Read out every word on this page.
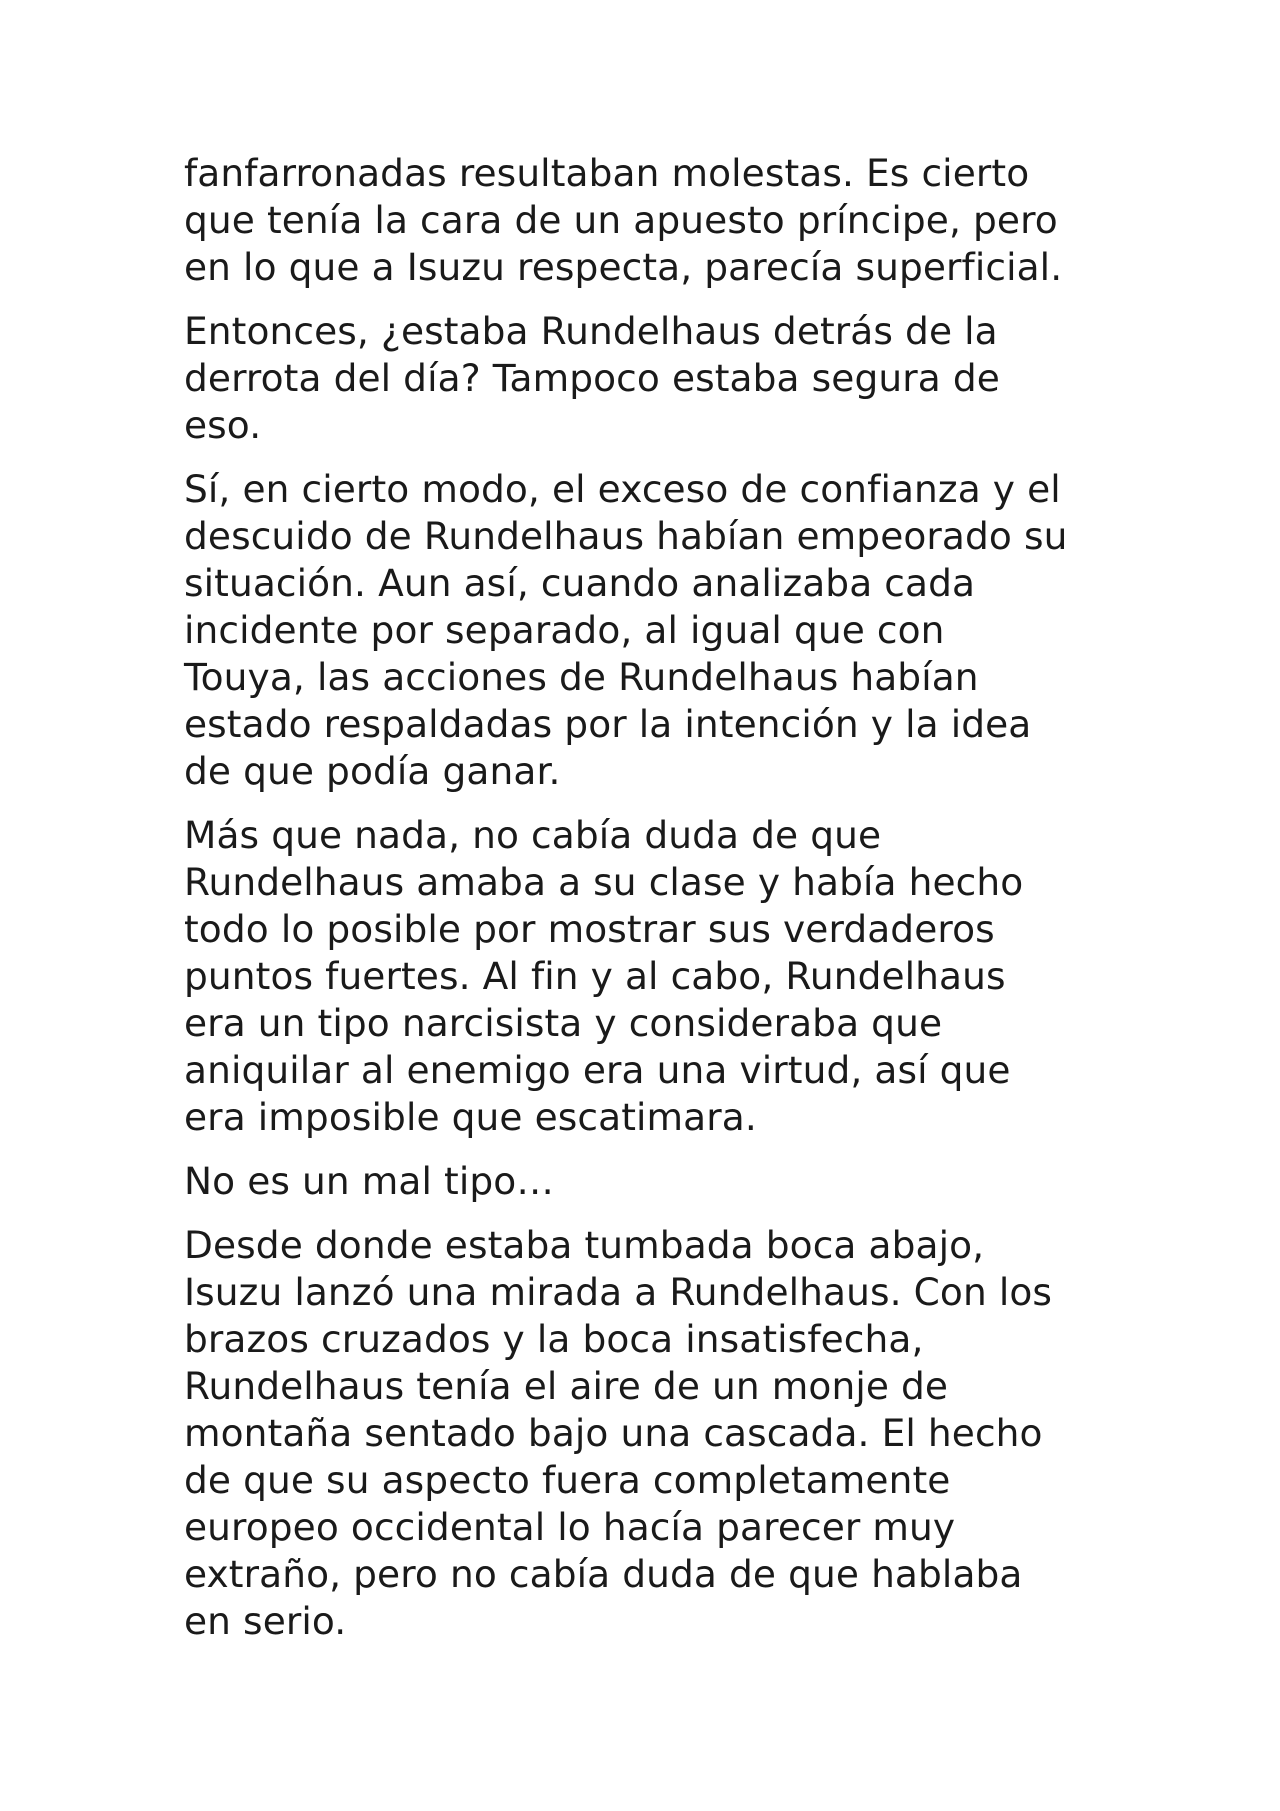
fanfarronadas resultaban molestas. Es cierto
que tenía la cara de un apuesto príncipe, pero
en lo que a Isuzu respecta, parecía superficial.

Entonces, ¿estaba Rundelhaus detrás de la
derrota del día? Tampoco estaba segura de
eso.

Sí, en cierto modo, el exceso de confianza y el
descuido de Rundelhaus habían empeorado su
situación. Aun así, cuando analizaba cada
incidente por separado, al igual que con
Touya, las acciones de Rundelhaus habían
estado respaldadas por la intención y la idea
de que podía ganar.

Más que nada, no cabía duda de que
Rundelhaus amaba a su clase y había hecho
todo lo posible por mostrar sus verdaderos
puntos fuertes. Al fin y al cabo, Rundelhaus
era un tipo narcisista y consideraba que
aniquilar al enemigo era una virtud, así que
era imposible que escatimara.

No es un mal tipo…

Desde donde estaba tumbada boca abajo,
Isuzu lanzó una mirada a Rundelhaus. Con los
brazos cruzados y la boca insatisfecha,
Rundelhaus tenía el aire de un monje de
montaña sentado bajo una cascada. El hecho
de que su aspecto fuera completamente
europeo occidental lo hacía parecer muy
extraño, pero no cabía duda de que hablaba
en serio.
